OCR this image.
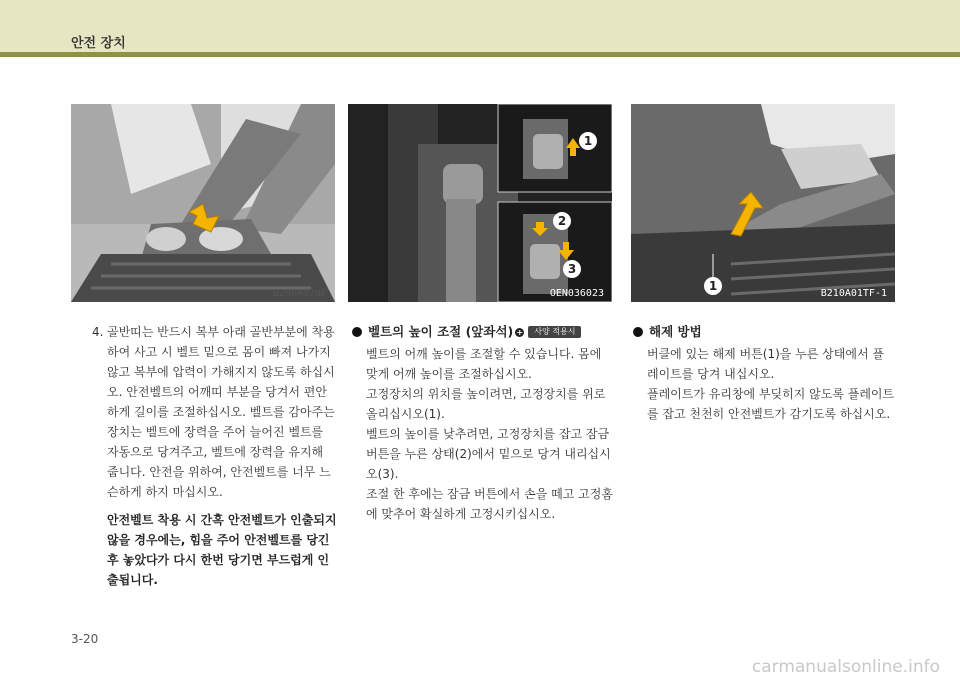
안전 장치
B200A02NF
1
2
3
OEN036023
1
B210A01TF-1
4. 골반띠는 반드시 복부 아래 골반부분에 착용하여 사고 시 벨트 밑으로 몸이 빠져 나가지 않고 복부에 압력이 가해지지 않도록 하십시오. 안전벨트의 어깨띠 부분을 당겨서 편안하게 길이를 조절하십시오. 벨트를 감아주는 장치는 벨트에 장력을 주어 늘어진 벨트를 자동으로 당겨주고, 벨트에 장력을 유지해 줍니다. 안전을 위하여, 안전벨트를 너무 느슨하게 하지 마십시오.

안전벨트 착용 시 간혹 안전벨트가 인출되지 않을 경우에는, 힘을 주어 안전벨트를 당긴 후 놓았다가 다시 한번 당기면 부드럽게 인출됩니다.

벨트의 높이 조절 (앞좌석) +	사양 적용시

벨트의 어깨 높이를 조절할 수 있습니다. 몸에 맞게 어깨 높이를 조절하십시오.

고정장치의 위치를 높이려면, 고정장치를 위로 올리십시오(1).

벨트의 높이를 낮추려면, 고정장치를 잡고 잠금 버튼을 누른 상태(2)에서 밑으로 당겨 내리십시오(3).

조절 한 후에는 잠금 버튼에서 손을 떼고 고정홈에 맞추어 확실하게 고정시키십시오.

해제 방법

버클에 있는 해제 버튼(1)을 누른 상태에서 플레이트를 당겨 내십시오.

플레이트가 유리창에 부딪히지 않도록 플레이트를 잡고 천천히 안전벨트가 감기도록 하십시오.

3-20
carmanualsonline.info
